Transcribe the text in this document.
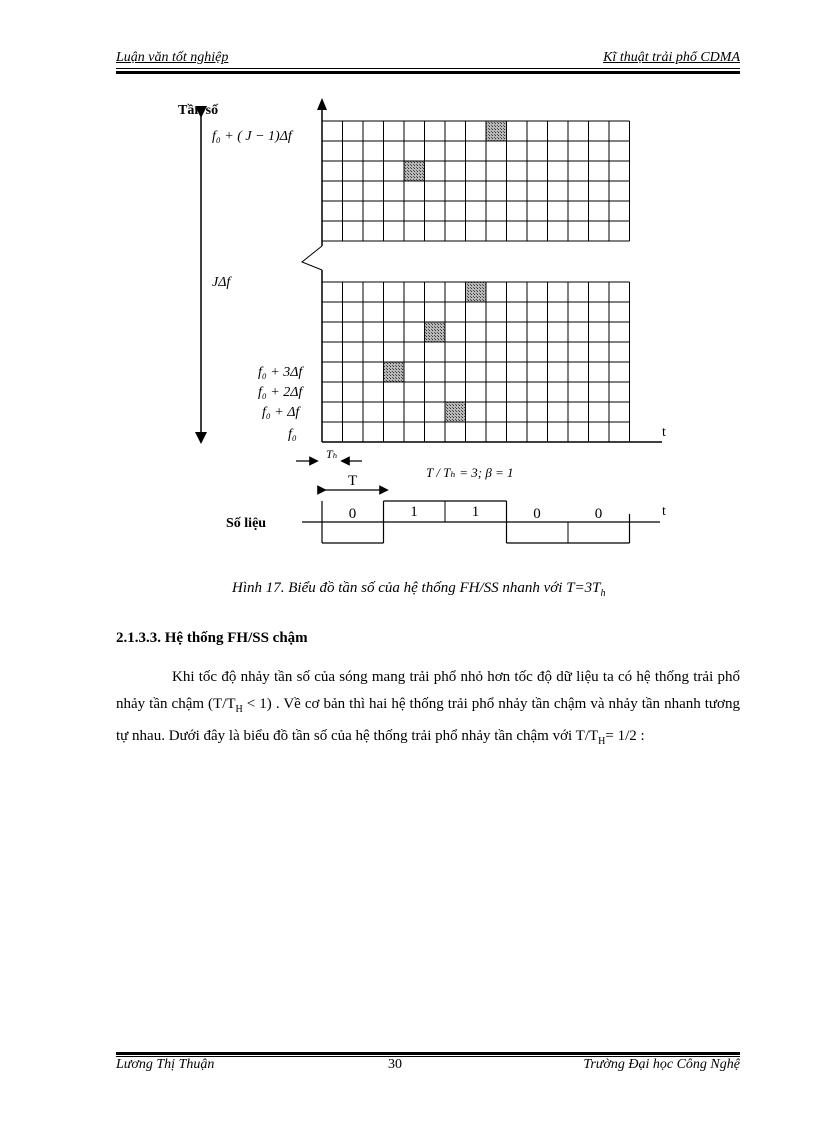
Luận văn tốt nghiệp	Kĩ thuật trải phổ CDMA
t
Tần số
f₀ + ( J − 1)Δf
JΔf
f₀ + 3Δf
f₀ + 2Δf
f₀ + Δf
f₀
Tₕ
T
T / Tₕ = 3; β = 1
Số liệu
t
0	1	1	0	0
Hình 17. Biểu đồ tần số của hệ thống FH/SS nhanh với $T=3T_h$
2.1.3.3. Hệ thống FH/SS chậm
Khi tốc độ nhảy tần số của sóng mang trải phổ nhỏ hơn tốc độ dữ liệu ta có hệ thống trải phổ nhảy tần chậm $(T/T_H < 1)$ . Về cơ bản thì hai hệ thống trải phổ nhảy tần chậm và nhảy tần nhanh tương tự nhau. Dưới đây là biểu đồ tần số của hệ thống trải phổ nhảy tần chậm với $T/T_H= 1/2$ :
Lương Thị Thuận	30	Trường Đại học Công Nghệ
